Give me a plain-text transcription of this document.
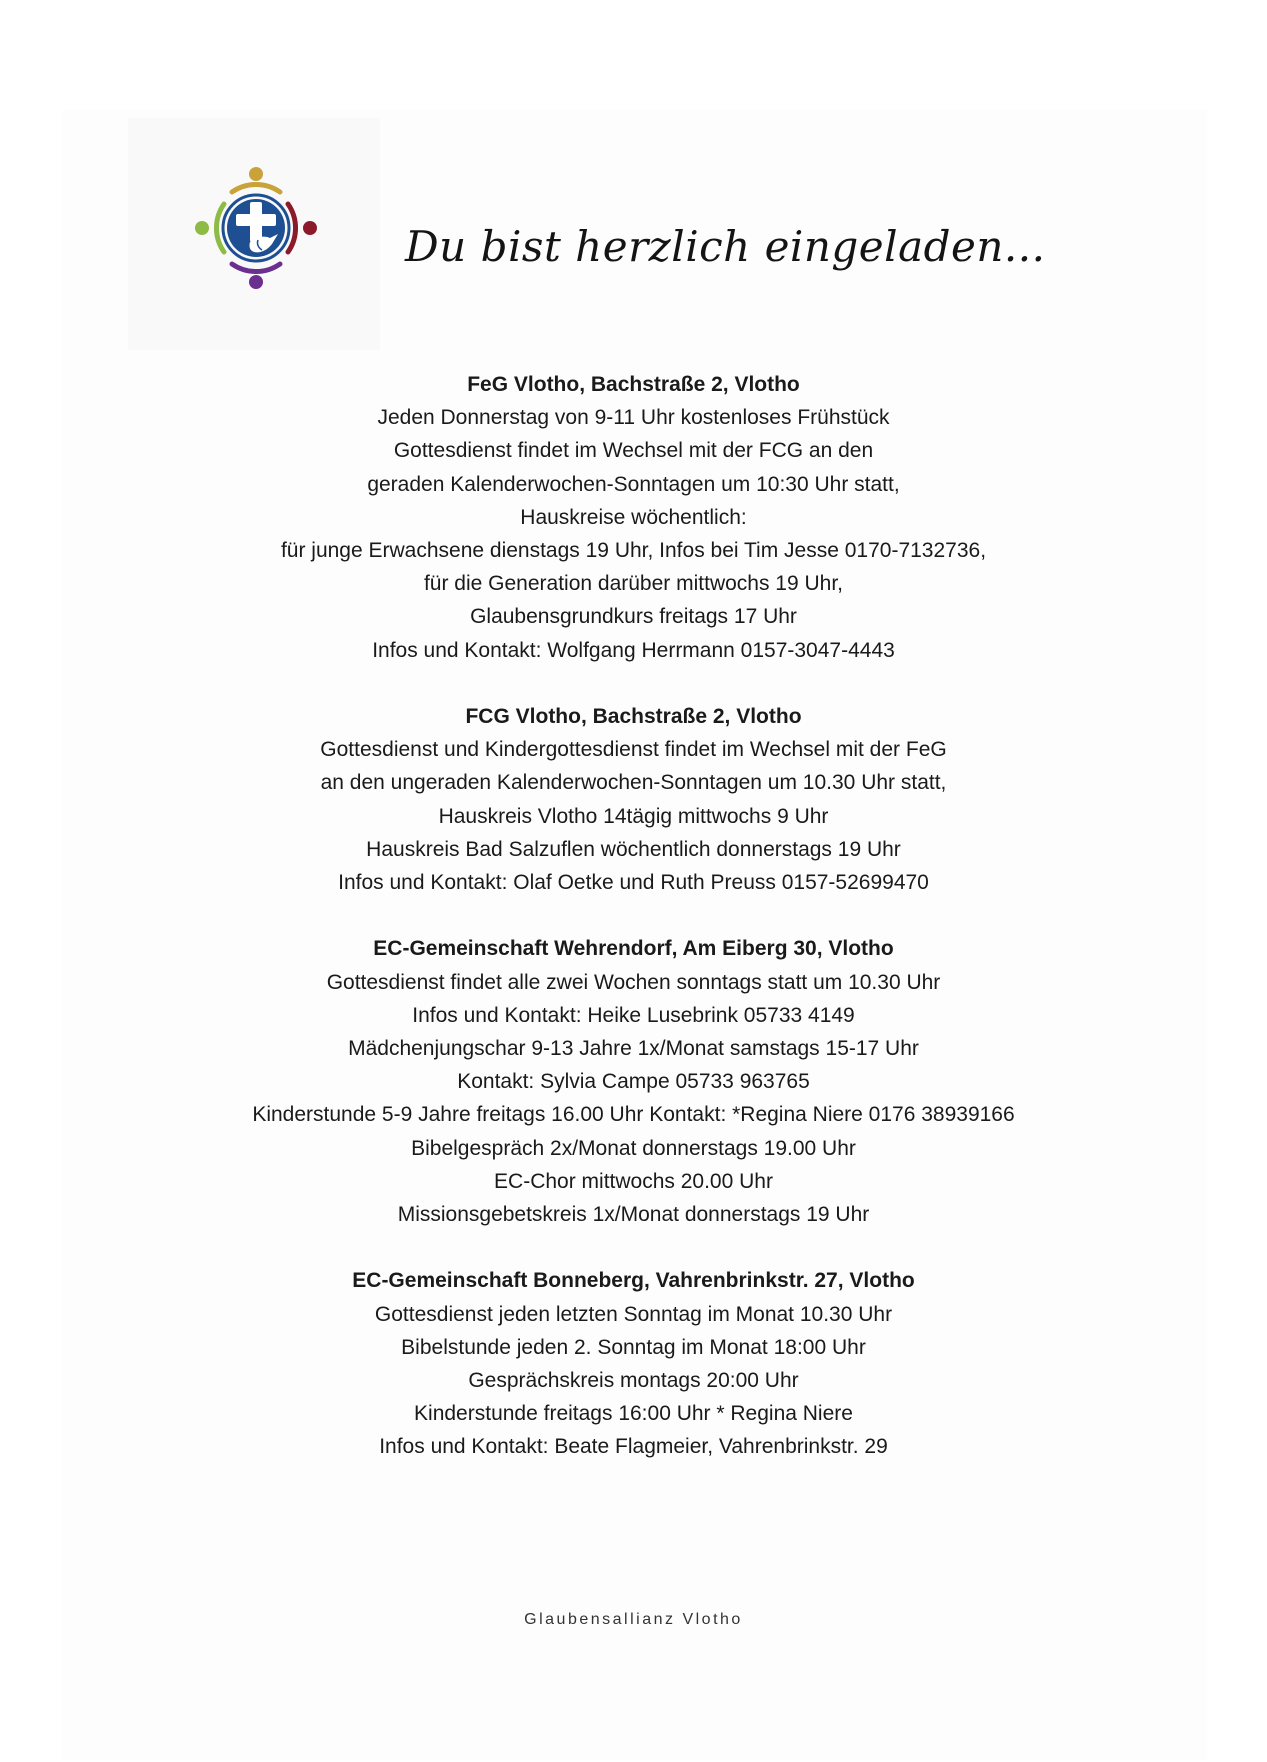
Du bist herzlich eingeladen...
FeG Vlotho, Bachstraße 2, Vlotho
Jeden Donnerstag von 9-11 Uhr kostenloses Frühstück
Gottesdienst findet im Wechsel mit der FCG an den
geraden Kalenderwochen-Sonntagen um 10:30 Uhr statt,
Hauskreise wöchentlich:
für junge Erwachsene dienstags 19 Uhr, Infos bei Tim Jesse 0170-7132736,
für die Generation darüber mittwochs 19 Uhr,
Glaubensgrundkurs freitags 17 Uhr
Infos und Kontakt: Wolfgang Herrmann 0157-3047-4443
FCG Vlotho, Bachstraße 2, Vlotho
Gottesdienst und Kindergottesdienst findet im Wechsel mit der FeG
an den ungeraden Kalenderwochen-Sonntagen um 10.30 Uhr statt,
Hauskreis Vlotho 14tägig mittwochs 9 Uhr
Hauskreis Bad Salzuflen wöchentlich donnerstags 19 Uhr
Infos und Kontakt: Olaf Oetke und Ruth Preuss 0157-52699470
EC-Gemeinschaft Wehrendorf, Am Eiberg 30, Vlotho
Gottesdienst findet alle zwei Wochen sonntags statt um 10.30 Uhr
Infos und Kontakt: Heike Lusebrink 05733 4149
Mädchenjungschar 9-13 Jahre 1x/Monat samstags 15-17 Uhr
Kontakt: Sylvia Campe 05733 963765
Kinderstunde 5-9 Jahre freitags 16.00 Uhr Kontakt: *Regina Niere 0176 38939166
Bibelgespräch 2x/Monat donnerstags 19.00 Uhr
EC-Chor mittwochs 20.00 Uhr
Missionsgebetskreis 1x/Monat donnerstags 19 Uhr
EC-Gemeinschaft Bonneberg, Vahrenbrinkstr. 27, Vlotho
Gottesdienst jeden letzten Sonntag im Monat 10.30 Uhr
Bibelstunde jeden 2. Sonntag im Monat 18:00 Uhr
Gesprächskreis montags 20:00 Uhr
Kinderstunde freitags 16:00 Uhr * Regina Niere
Infos und Kontakt: Beate Flagmeier, Vahrenbrinkstr. 29
Glaubensallianz Vlotho
